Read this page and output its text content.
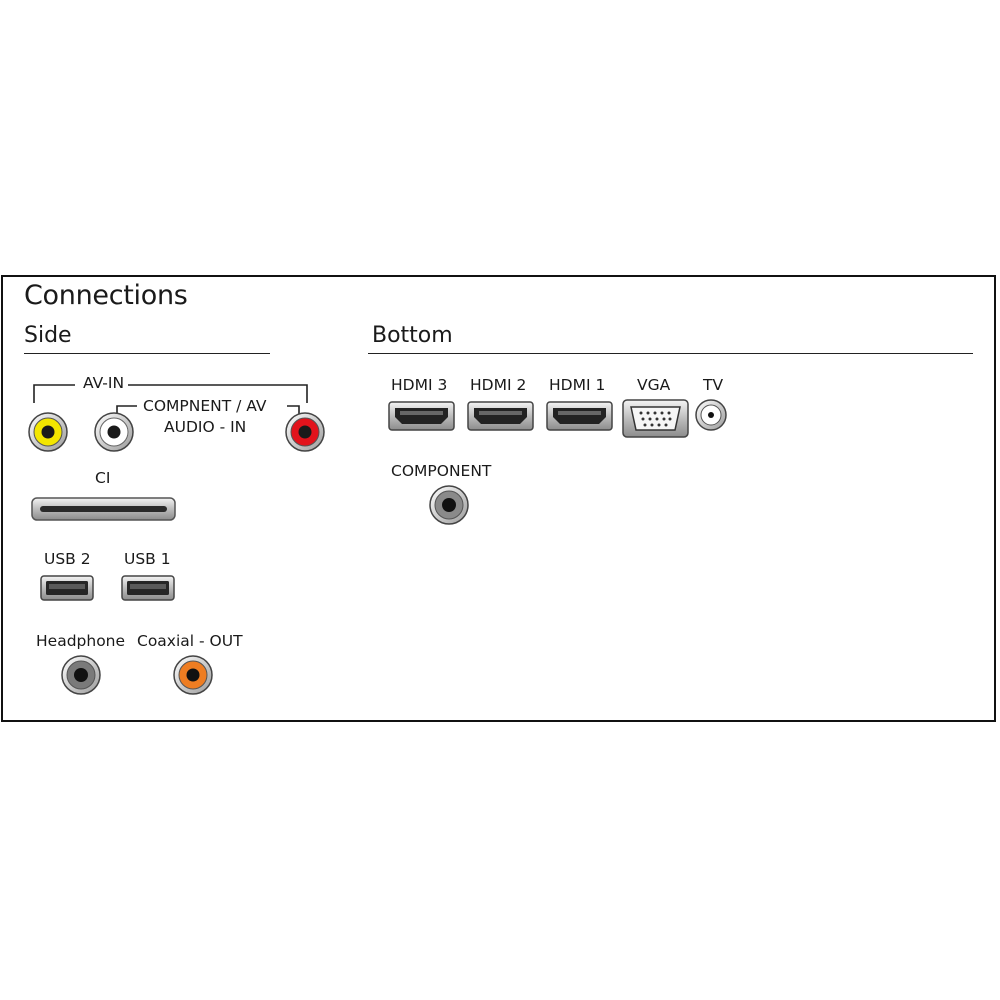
Connections
Side	Bottom
AV-IN
COMPNENT / AV
AUDIO - IN
CI
USB 2 USB 1
Headphone Coaxial - OUT
HDMI 3 HDMI 2 HDMI 1 VGA TV
COMPONENT
